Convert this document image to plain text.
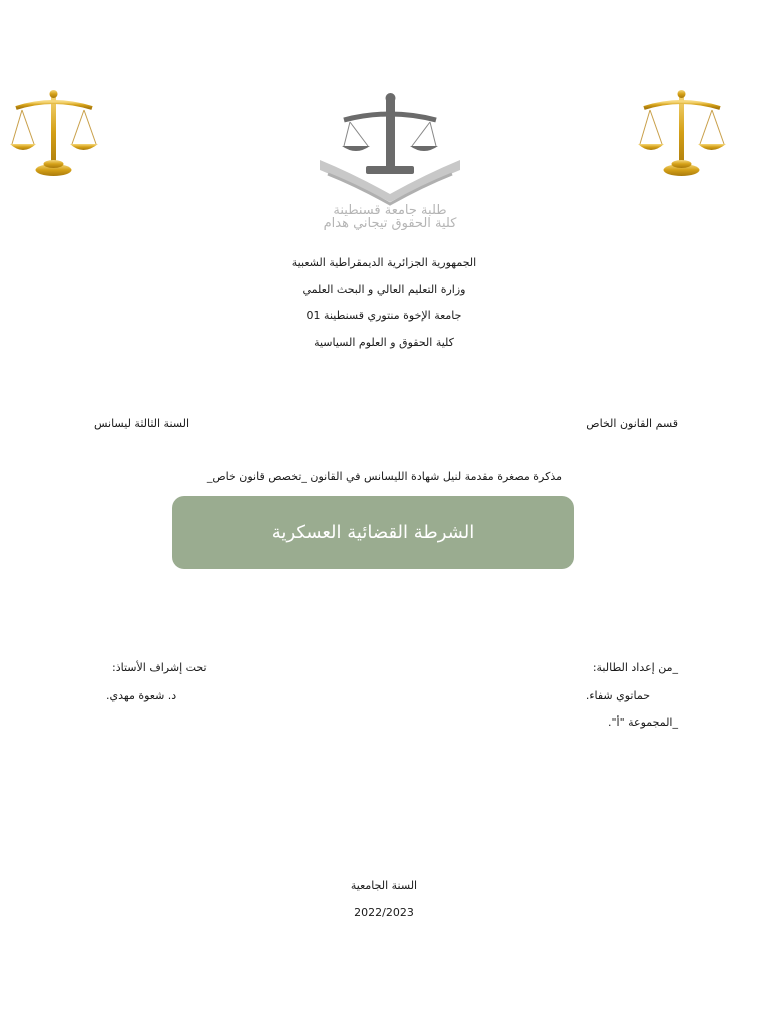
طلبة جامعة قسنطينة
كلية الحقوق تيجاني هدام
الجمهورية الجزائرية الديمقراطية الشعبية
وزارة التعليم العالي و البحث العلمي
جامعة الإخوة منتوري قسنطينة 01
كلية الحقوق و العلوم السياسية
قسم القانون الخاص
السنة الثالثة ليسانس
مذكرة مصغرة مقدمة لنيل شهادة الليسانس في القانون _تخصص قانون خاص_
الشرطة القضائية العسكرية
_من إعداد الطالبة:
حماتوي شفاء.
_المجموعة "أ".
تحت إشراف الأستاذ:
د. شعوة مهدي.
السنة الجامعية
2022/2023
